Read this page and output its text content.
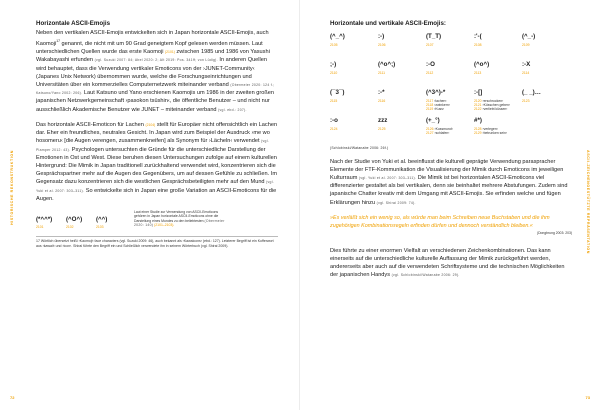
HISTORISCHE REKONSTRUKTION
72
Horizontale ASCII-Emojis

Neben den vertikalen ASCII-Emojis entwickelten sich in Japan horizontale ASCII-Emojis, auch Kaomoji$^{17}$ genannt, die nicht mit um 90 Grad geneigtem Kopf gelesen werden müssen. Laut unterschiedlichen Quellen wurde das erste Kaomoji (2101) zwischen 1985 und 1986 von Yasushi Wakabayashi erfunden (vgl. Suzuki 2007: 84; Abel 2020: 2; Alt 2019: Pos. 341ff; von Lüdig). In anderen Quellen wird behauptet, dass die Verwendung vertikaler Emoticons von der ›JUNET-Community‹ (Japanes Unix Network) übernommen wurde, welche die Forschungseinrichtungen und Universitäten über ein kommerzielles Computernetzwerk miteinander verband (Obermeier 2020: 124 f.; Katsuno/Yano 2002: 206). Laut Katsuno und Yano erschienen Kaomojis um 1986 in der zweiten großen japanischen Netzwerkgemeinschaft ›pasokon tsūshin‹, die öffentliche Benutzer – und nicht nur ausschließlich Akademische Benutzer wie JUNET – miteinander verband (vgl. ebd.: 207).

Das horizontale ASCII-Emoticon für Lachen (2104) stellt für Europäer nicht offensichtlich ein Lachen dar. Eher ein freundliches, neutrales Gesicht. In Japan wird zum Beispiel der Ausdruck ›me wo hosomeru‹ [die Augen verengen, zusammenkneifen] als Synonym für ›Lächeln‹ verwendet (vgl. Plamper 2012: 43). Psychologen untersuchten die Gründe für die unterschiedliche Darstellung der Emotionen in Ost und West. Diese beruhen diesen Untersuchungen zufolge auf einem kulturellen Hintergrund: Die Mimik in Japan traditionell zurückhaltend verwendet wird, konzentrieren sich die Gesprächspartner mehr auf die Augen des Gegenübers, um auf dessen Gefühle zu schließen. Im Gegensatz dazu konzentrieren sich die westlichen Gesprächsbeteiligten mehr auf den Mund (vgl. Yuki et al. 2007: 303–311). So entwickelte sich in Japan eine große Variation an ASCII-Emoticons für die Augen.

(*^^*)
2101
(^O^)
2102
(^^)
2103
Laut einer Studie zur Verwendung von ASCII-Emoticons gehören in Japan horizontale ASCII-Emoticons ohne die Darstellung eines Mundes zu den beliebtesten (Obermeier 2020: 140) (2101–2103).
17 Wörtlich übersetzt heißt ›Kaomoji‹ face characters (vgl. Suzuki 2009: 46), auch bekannt als ›Kawaicons‹ (ebd.: 127). Letzterer Begriff ist ein Kofferwort aus ›kawaii‹ und ›icon‹. Shirai führte den Begriff ein und Schließlich verwendete ihn in seinem Wörterbuch (vgl. Shirai 2009).	ASCII-ZEICHENGESTÜTZTE REPRÄSENTATION
73
Horizontale und vertikale ASCII-Emojis:
(^_^)
2105
:-)
2106
(T_T)
2107
:'-(
2108
(^_-)
2109
;-)
2110
(^o^;)
2111
:-O
2112
(^o^)
2113
:-X
2114
(¯3¯)
2115
:-*
2116
(^3^)-*
2117 ›lachen‹
2118 ›zwinkern‹
2119 ›Kuss‹
:-[]
2120 ›erschrocken‹
2121 ›Küsschen geben‹
2122 ›verliebt küssen‹
(_ _)…
2123
:-o
2124
zzz
2125
(+_°)
2126 ›Kussmund‹
2127 ›schlafen‹
#*)
2128 ›verlegen‹
2129 ›betrunken sein‹
(Schlobinski/Watanabe 2006: 26f.)

Nach der Studie von Yuki et al. beeinflusst die kulturell geprägte Verwendung paraspracher Elemente der FTF-Kommunikation die Visualisierung der Mimik durch Emoticons im jeweiligen Kulturraum (vgl. Yuki et al. 2007: 303–311). Die Mimik ist bei horizontalen ASCII-Emoticons viel differenzierter gestaltet als bei vertikalen, denn sie beinhaltet mehrere Abstufungen. Zudem sind japanische Chatter kreativ mit dem Umgang mit ASCII-Emojis. Sie erfinden welche und fügen Erklärungen hinzu (vgl. Shirai 2009: 74).

»Es verläßt sich ein wenig so, als würde man beim Schreiben neue Buchstaben und die ihm zugehörigen Kombinationsregeln erfinden dürfen und dennoch verständlich bleiben.«
(Dongbrung 2003: 203)

Dies führte zu einer enormen Vielfalt an verschiedenen Zeichenkombinationen. Das kann einerseits auf die unterschiedliche kulturelle Auffassung der Mimik zurückgeführt werden, andererseits aber auch auf die verwendeten Schriftsysteme und die technischen Möglichkeiten der japanischen Handys (vgl. Schlobinski/Watanabe 2006: 29).
